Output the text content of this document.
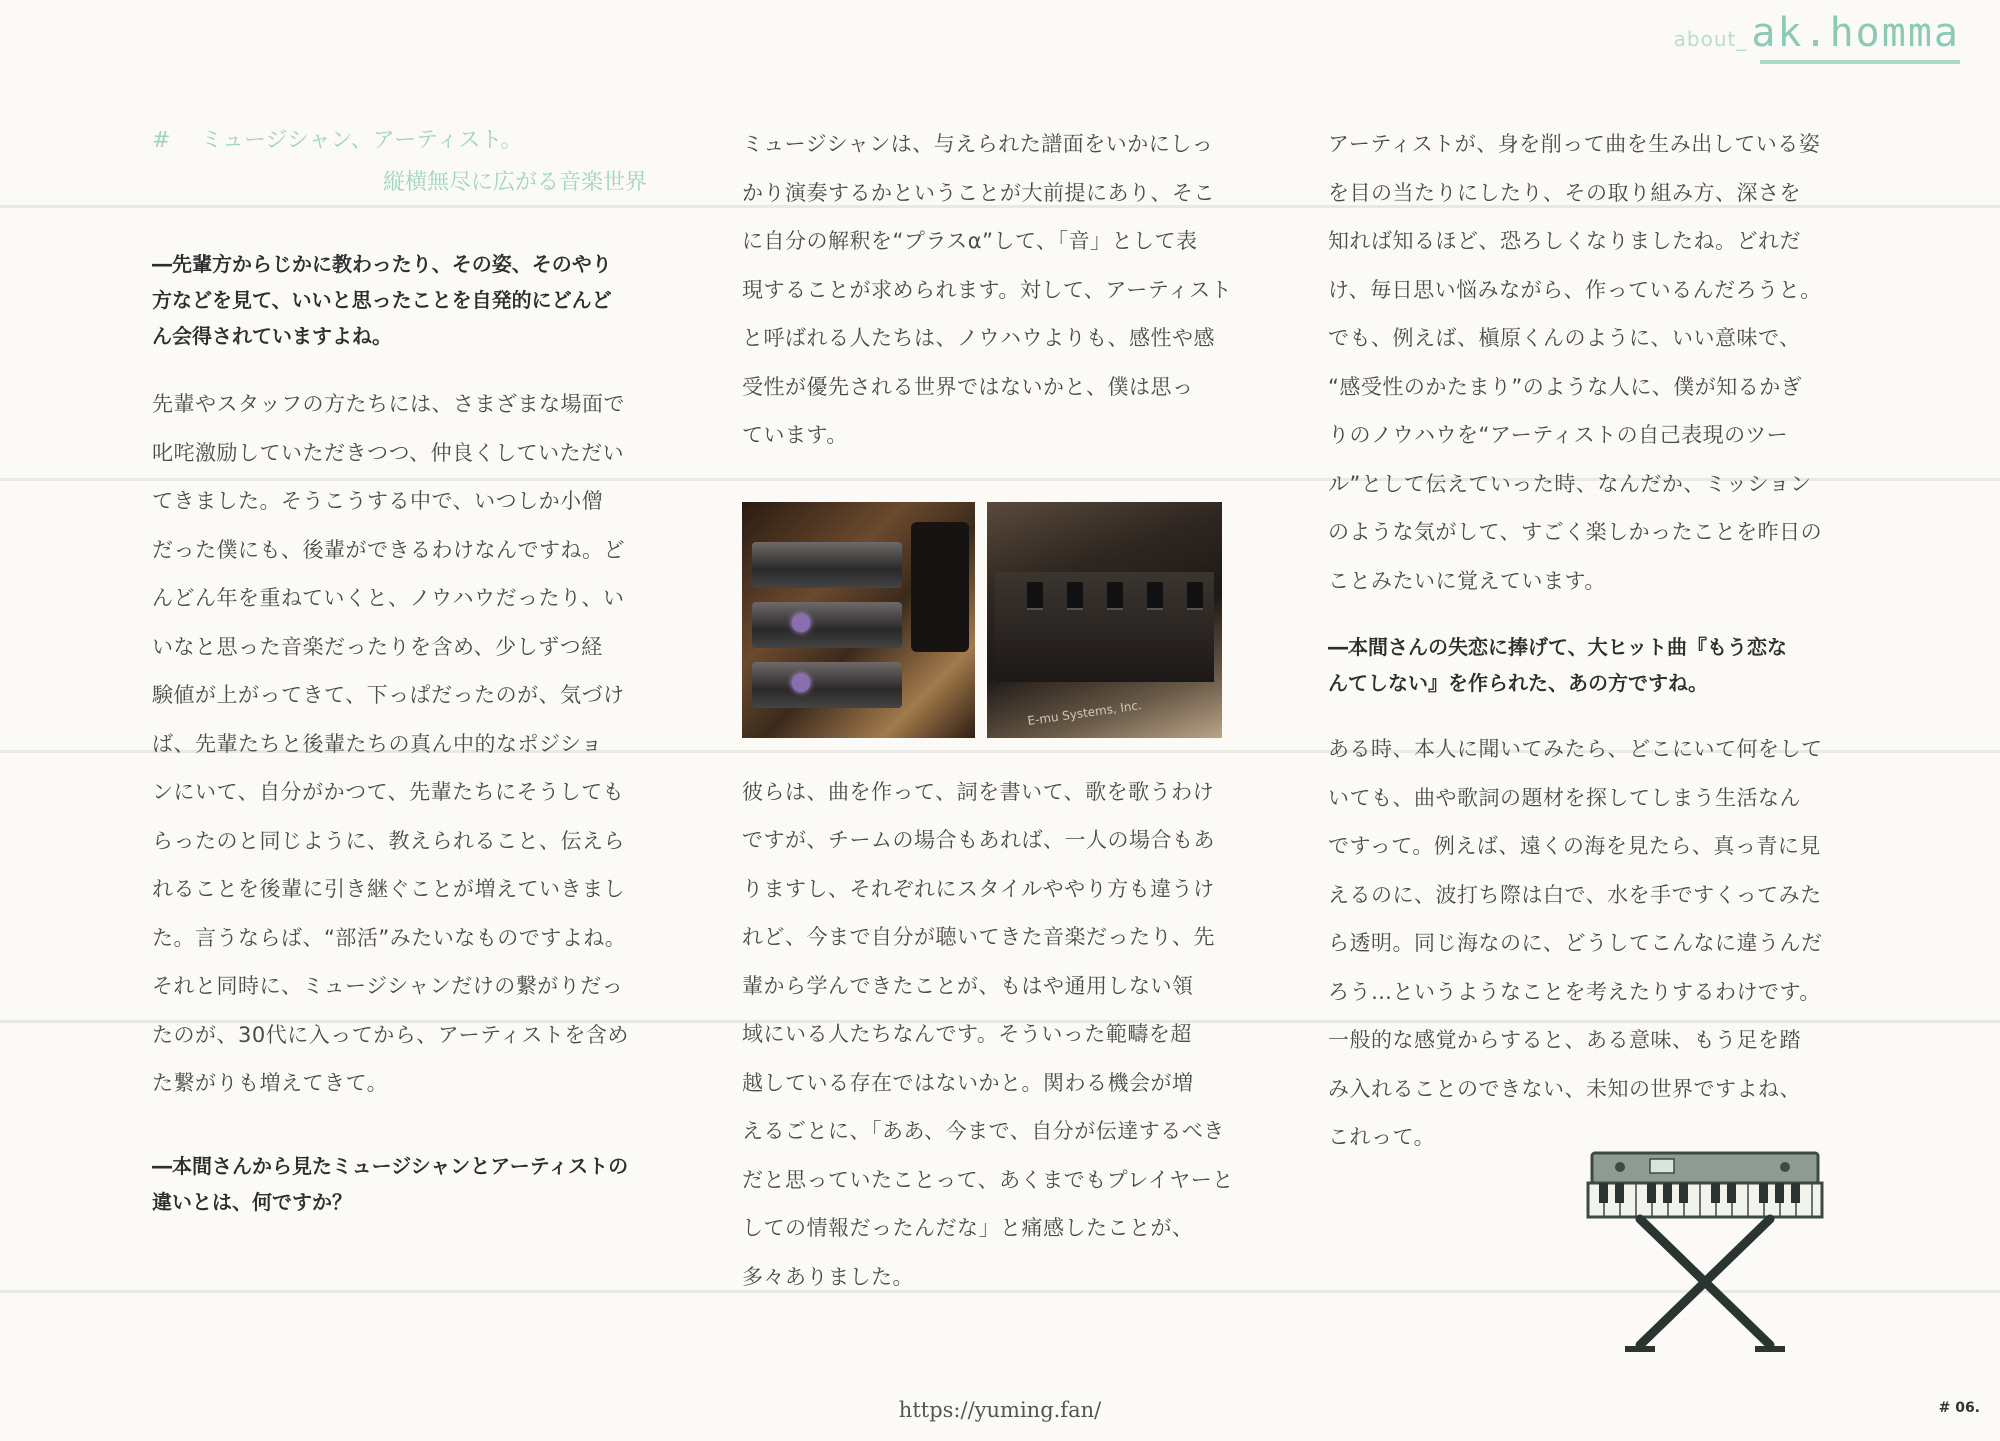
about_ ak.homma
# ミュージシャン、アーティスト。
縦横無尽に広がる音楽世界

―先輩方からじかに教わったり、その姿、そのやり
方などを見て、いいと思ったことを自発的にどんど
ん会得されていますよね。

先輩やスタッフの方たちには、さまざまな場面で
叱咤激励していただきつつ、仲良くしていただい
てきました。そうこうする中で、いつしか小僧
だった僕にも、後輩ができるわけなんですね。ど
んどん年を重ねていくと、ノウハウだったり、い
いなと思った音楽だったりを含め、少しずつ経
験値が上がってきて、下っぱだったのが、気づけ
ば、先輩たちと後輩たちの真ん中的なポジショ
ンにいて、自分がかつて、先輩たちにそうしても
らったのと同じように、教えられること、伝えら
れることを後輩に引き継ぐことが増えていきまし
た。言うならば、“部活”みたいなものですよね。
それと同時に、ミュージシャンだけの繋がりだっ
たのが、30代に入ってから、アーティストを含め
た繋がりも増えてきて。

―本間さんから見たミュージシャンとアーティストの
違いとは、何ですか？

ミュージシャンは、与えられた譜面をいかにしっ
かり演奏するかということが大前提にあり、そこ
に自分の解釈を“プラスα”して、「音」として表
現することが求められます。対して、アーティスト
と呼ばれる人たちは、ノウハウよりも、感性や感
受性が優先される世界ではないかと、僕は思っ
ています。

E-mu Systems, Inc.

彼らは、曲を作って、詞を書いて、歌を歌うわけ
ですが、チームの場合もあれば、一人の場合もあ
りますし、それぞれにスタイルややり方も違うけ
れど、今まで自分が聴いてきた音楽だったり、先
輩から学んできたことが、もはや通用しない領
域にいる人たちなんです。そういった範疇を超
越している存在ではないかと。関わる機会が増
えるごとに、「ああ、今まで、自分が伝達するべき
だと思っていたことって、あくまでもプレイヤーと
しての情報だったんだな」と痛感したことが、
多々ありました。

アーティストが、身を削って曲を生み出している姿
を目の当たりにしたり、その取り組み方、深さを
知れば知るほど、恐ろしくなりましたね。どれだ
け、毎日思い悩みながら、作っているんだろうと。
でも、例えば、槇原くんのように、いい意味で、
“感受性のかたまり”のような人に、僕が知るかぎ
りのノウハウを“アーティストの自己表現のツー
ル”として伝えていった時、なんだか、ミッション
のような気がして、すごく楽しかったことを昨日の
ことみたいに覚えています。

―本間さんの失恋に捧げて、大ヒット曲『もう恋な
んてしない』を作られた、あの方ですね。

ある時、本人に聞いてみたら、どこにいて何をして
いても、曲や歌詞の題材を探してしまう生活なん
ですって。例えば、遠くの海を見たら、真っ青に見
えるのに、波打ち際は白で、水を手ですくってみた
ら透明。同じ海なのに、どうしてこんなに違うんだ
ろう…というようなことを考えたりするわけです。
一般的な感覚からすると、ある意味、もう足を踏
み入れることのできない、未知の世界ですよね、
これって。

https://yuming.fan/	# 06.
